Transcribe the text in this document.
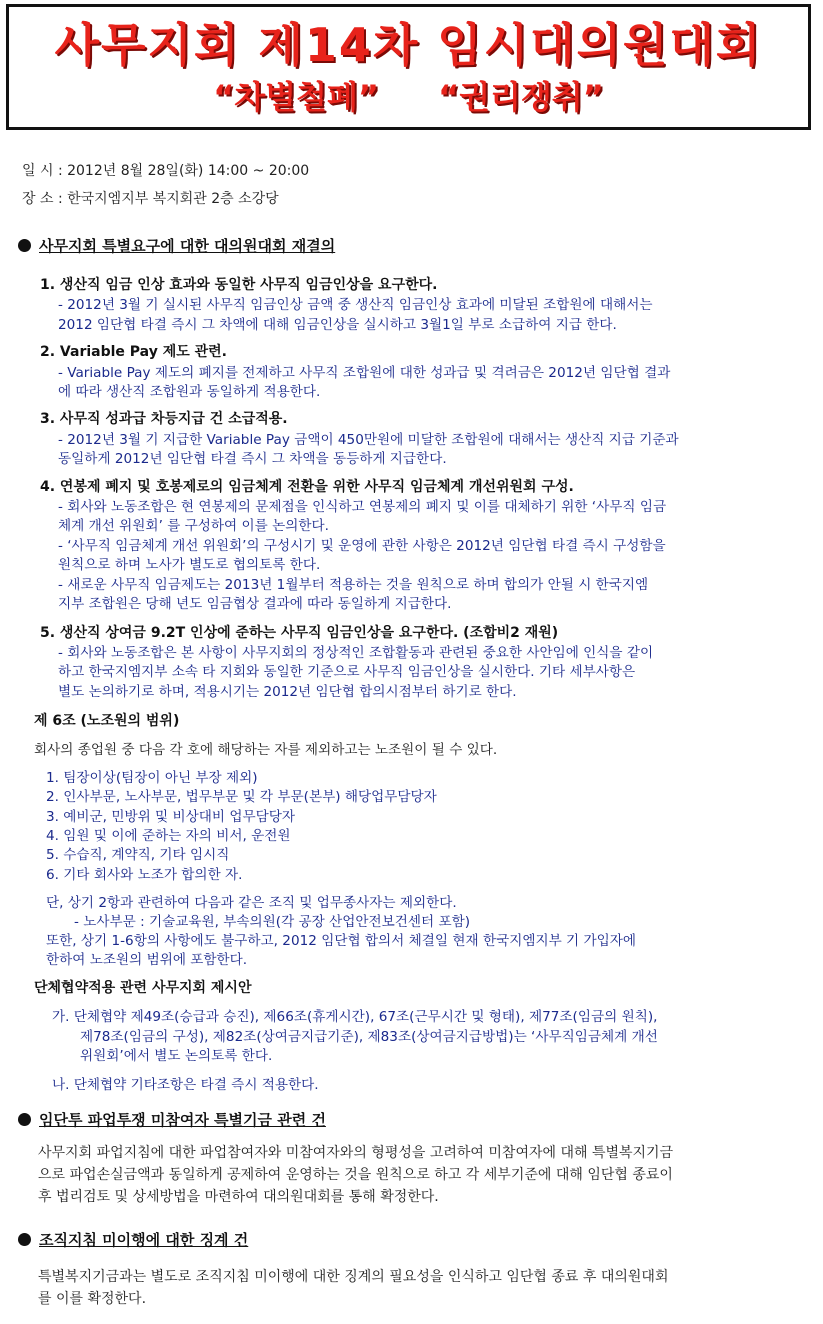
사무지회 제14차 임시대의원대회
“차별철폐” “권리쟁취”
일 시 : 2012년 8월 28일(화) 14:00 ~ 20:00
장 소 : 한국지엠지부 복지회관 2층 소강당
사무지회 특별요구에 대한 대의원대회 재결의
1. 생산직 임금 인상 효과와 동일한 사무직 임금인상을 요구한다.
- 2012년 3월 기 실시된 사무직 임금인상 금액 중 생산직 임금인상 효과에 미달된 조합원에 대해서는
2012 임단협 타결 즉시 그 차액에 대해 임금인상을 실시하고 3월1일 부로 소급하여 지급 한다.
2. Variable Pay 제도 관련.
- Variable Pay 제도의 폐지를 전제하고 사무직 조합원에 대한 성과급 및 격려금은 2012년 임단협 결과
에 따라 생산직 조합원과 동일하게 적용한다.
3. 사무직 성과급 차등지급 건 소급적용.
- 2012년 3월 기 지급한 Variable Pay 금액이 450만원에 미달한 조합원에 대해서는 생산직 지급 기준과
동일하게 2012년 임단협 타결 즉시 그 차액을 동등하게 지급한다.
4. 연봉제 폐지 및 호봉제로의 임금체계 전환을 위한 사무직 임금체계 개선위원회 구성.
- 회사와 노동조합은 현 연봉제의 문제점을 인식하고 연봉제의 폐지 및 이를 대체하기 위한 ‘사무직 임금
체계 개선 위원회’ 를 구성하여 이를 논의한다.
- ‘사무직 임금체계 개선 위원회’의 구성시기 및 운영에 관한 사항은 2012년 임단협 타결 즉시 구성함을
원칙으로 하며 노사가 별도로 협의토록 한다.
- 새로운 사무직 임금제도는 2013년 1월부터 적용하는 것을 원칙으로 하며 합의가 안될 시 한국지엠
지부 조합원은 당해 년도 임금협상 결과에 따라 동일하게 지급한다.
5. 생산직 상여금 9.2T 인상에 준하는 사무직 임금인상을 요구한다. (조합비2 재원)
- 회사와 노동조합은 본 사항이 사무지회의 정상적인 조합활동과 관련된 중요한 사안임에 인식을 같이
하고 한국지엠지부 소속 타 지회와 동일한 기준으로 사무직 임금인상을 실시한다. 기타 세부사항은
별도 논의하기로 하며, 적용시기는 2012년 임단협 합의시점부터 하기로 한다.
제 6조 (노조원의 범위)
회사의 종업원 중 다음 각 호에 해당하는 자를 제외하고는 노조원이 될 수 있다.
1. 팀장이상(팀장이 아닌 부장 제외)
2. 인사부문, 노사부문, 법무부문 및 각 부문(본부) 해당업무담당자
3. 예비군, 민방위 및 비상대비 업무담당자
4. 임원 및 이에 준하는 자의 비서, 운전원
5. 수습직, 계약직, 기타 임시직
6. 기타 회사와 노조가 합의한 자.
단, 상기 2항과 관련하여 다음과 같은 조직 및 업무종사자는 제외한다.
- 노사부문 : 기술교육원, 부속의원(각 공장 산업안전보건센터 포함)
또한, 상기 1-6항의 사항에도 불구하고, 2012 임단협 합의서 체결일 현재 한국지엠지부 기 가입자에
한하여 노조원의 범위에 포함한다.
단체협약적용 관련 사무지회 제시안
가. 단체협약 제49조(승급과 승진), 제66조(휴게시간), 67조(근무시간 및 형태), 제77조(임금의 원칙),
제78조(임금의 구성), 제82조(상여금지급기준), 제83조(상여금지급방법)는 ‘사무직임금체계 개선
위원회’에서 별도 논의토록 한다.
나. 단체협약 기타조항은 타결 즉시 적용한다.
임단투 파업투쟁 미참여자 특별기금 관련 건
사무지회 파업지침에 대한 파업참여자와 미참여자와의 형평성을 고려하여 미참여자에 대해 특별복지기금
으로 파업손실금액과 동일하게 공제하여 운영하는 것을 원칙으로 하고 각 세부기준에 대해 임단협 종료이
후 법리검토 및 상세방법을 마련하여 대의원대회를 통해 확정한다.
조직지침 미이행에 대한 징계 건
특별복지기금과는 별도로 조직지침 미이행에 대한 징계의 필요성을 인식하고 임단협 종료 후 대의원대회
를 이를 확정한다.
